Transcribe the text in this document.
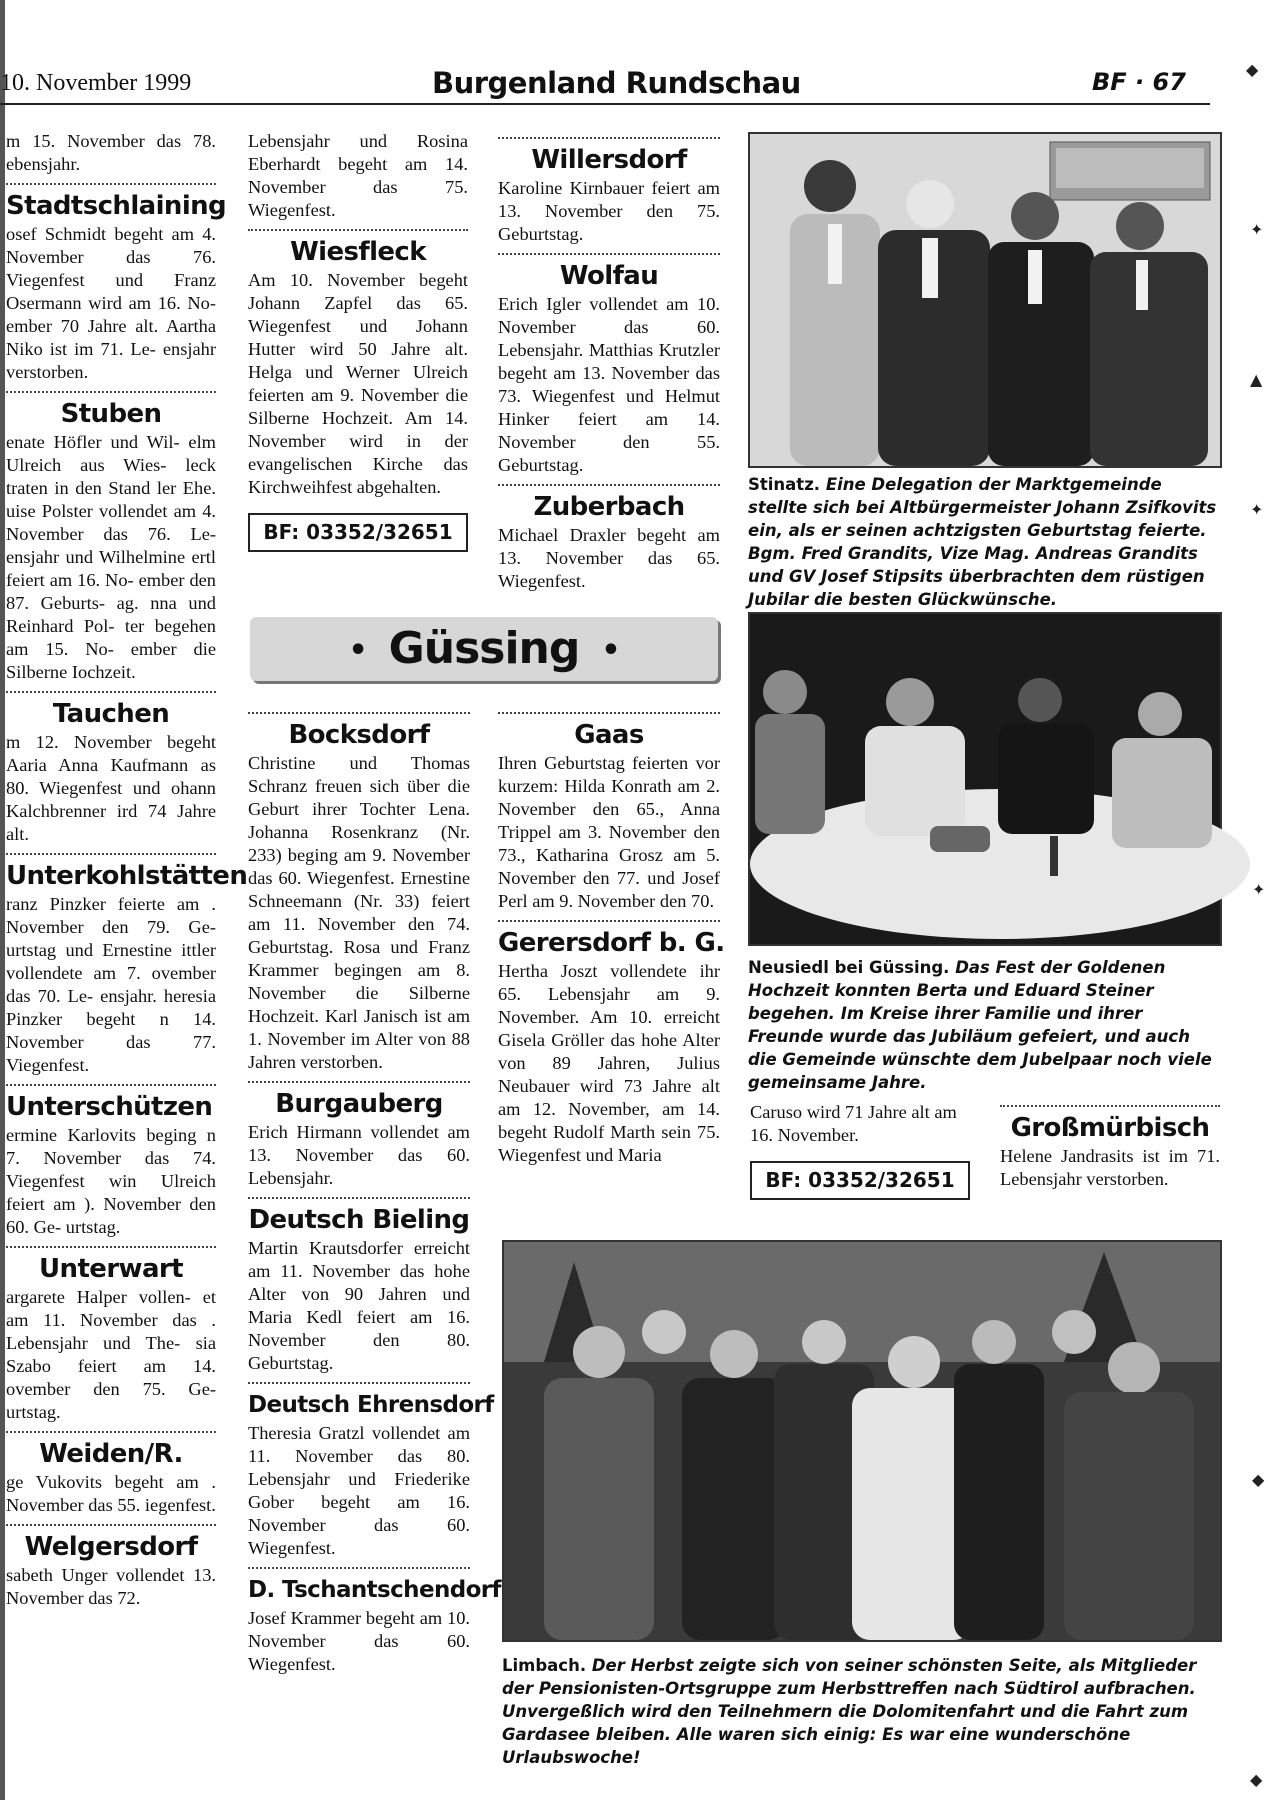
10. November 1999	Burgenland Rundschau	BF · 67

m 15. November das 78. ebensjahr.

Stadtschlaining

osef Schmidt begeht am 4. November das 76. Viegenfest und Franz Osermann wird am 16. No- ember 70 Jahre alt. Aartha Niko ist im 71. Le- ensjahr verstorben.

Stuben

enate Höfler und Wil- elm Ulreich aus Wies- leck traten in den Stand ler Ehe. uise Polster vollendet am 4. November das 76. Le- ensjahr und Wilhelmine ertl feiert am 16. No- ember den 87. Geburts- ag. nna und Reinhard Pol- ter begehen am 15. No- ember die Silberne Iochzeit.

Tauchen

m 12. November begeht Aaria Anna Kaufmann as 80. Wiegenfest und ohann Kalchbrenner ird 74 Jahre alt.

Unterkohlstätten

ranz Pinzker feierte am . November den 79. Ge- urtstag und Ernestine ittler vollendete am 7. ovember das 70. Le- ensjahr. heresia Pinzker begeht n 14. November das 77. Viegenfest.

Unterschützen

ermine Karlovits beging n 7. November das 74. Viegenfest win Ulreich feiert am ). November den 60. Ge- urtstag.

Unterwart

argarete Halper vollen- et am 11. November das . Lebensjahr und The- sia Szabo feiert am 14. ovember den 75. Ge- urtstag.

Weiden/R.

ge Vukovits begeht am . November das 55. iegenfest.

Welgersdorf

sabeth Unger vollendet 13. November das 72.

Lebensjahr und Rosina Eberhardt begeht am 14. November das 75. Wiegenfest.

Wiesfleck

Am 10. November begeht Johann Zapfel das 65. Wiegenfest und Johann Hutter wird 50 Jahre alt. Helga und Werner Ulreich feierten am 9. November die Silberne Hochzeit. Am 14. November wird in der evangelischen Kirche das Kirchweihfest abgehalten.

BF: 03352/32651
Willersdorf

Karoline Kirnbauer feiert am 13. November den 75. Geburtstag.

Wolfau

Erich Igler vollendet am 10. November das 60. Lebensjahr. Matthias Krutzler begeht am 13. November das 73. Wiegenfest und Helmut Hinker feiert am 14. November den 55. Geburtstag.

Zuberbach

Michael Draxler begeht am 13. November das 65. Wiegenfest.

Stinatz. Eine Delegation der Marktgemeinde stellte sich bei Altbürgermeister Johann Zsifkovits ein, als er seinen achtzigsten Geburtstag feierte. Bgm. Fred Grandits, Vize Mag. Andreas Grandits und GV Josef Stipsits überbrachten dem rüstigen Jubilar die besten Glückwünsche.
• Güssing •
Bocksdorf

Christine und Thomas Schranz freuen sich über die Geburt ihrer Tochter Lena. Johanna Rosenkranz (Nr. 233) beging am 9. November das 60. Wiegenfest. Ernestine Schneemann (Nr. 33) feiert am 11. November den 74. Geburtstag. Rosa und Franz Krammer begingen am 8. November die Silberne Hochzeit. Karl Janisch ist am 1. November im Alter von 88 Jahren verstorben.

Burgauberg

Erich Hirmann vollendet am 13. November das 60. Lebensjahr.

Deutsch Bieling

Martin Krautsdorfer erreicht am 11. November das hohe Alter von 90 Jahren und Maria Kedl feiert am 16. November den 80. Geburtstag.

Deutsch Ehrensdorf

Theresia Gratzl vollendet am 11. November das 80. Lebensjahr und Friederike Gober begeht am 16. November das 60. Wiegenfest.

D. Tschantschendorf

Josef Krammer begeht am 10. November das 60. Wiegenfest.

Gaas

Ihren Geburtstag feierten vor kurzem: Hilda Konrath am 2. November den 65., Anna Trippel am 3. November den 73., Katharina Grosz am 5. November den 77. und Josef Perl am 9. November den 70.

Gerersdorf b. G.

Hertha Joszt vollendete ihr 65. Lebensjahr am 9. November. Am 10. erreicht Gisela Gröller das hohe Alter von 89 Jahren, Julius Neubauer wird 73 Jahre alt am 12. November, am 14. begeht Rudolf Marth sein 75. Wiegenfest und Maria

Neusiedl bei Güssing. Das Fest der Goldenen Hochzeit konnten Berta und Eduard Steiner begehen. Im Kreise ihrer Familie und ihrer Freunde wurde das Jubiläum gefeiert, und auch die Gemeinde wünschte dem Jubelpaar noch viele gemeinsame Jahre.

Caruso wird 71 Jahre alt am 16. November.

BF: 03352/32651
Großmürbisch

Helene Jandrasits ist im 71. Lebensjahr verstorben.

Limbach. Der Herbst zeigte sich von seiner schönsten Seite, als Mitglieder der Pensionisten-Ortsgruppe zum Herbsttreffen nach Südtirol aufbrachen. Unvergeßlich wird den Teilnehmern die Dolomitenfahrt und die Fahrt zum Gardasee bleiben. Alle waren sich einig: Es war eine wunderschöne Urlaubswoche!
◆
✦
▲
✦
✦
◆
◆
